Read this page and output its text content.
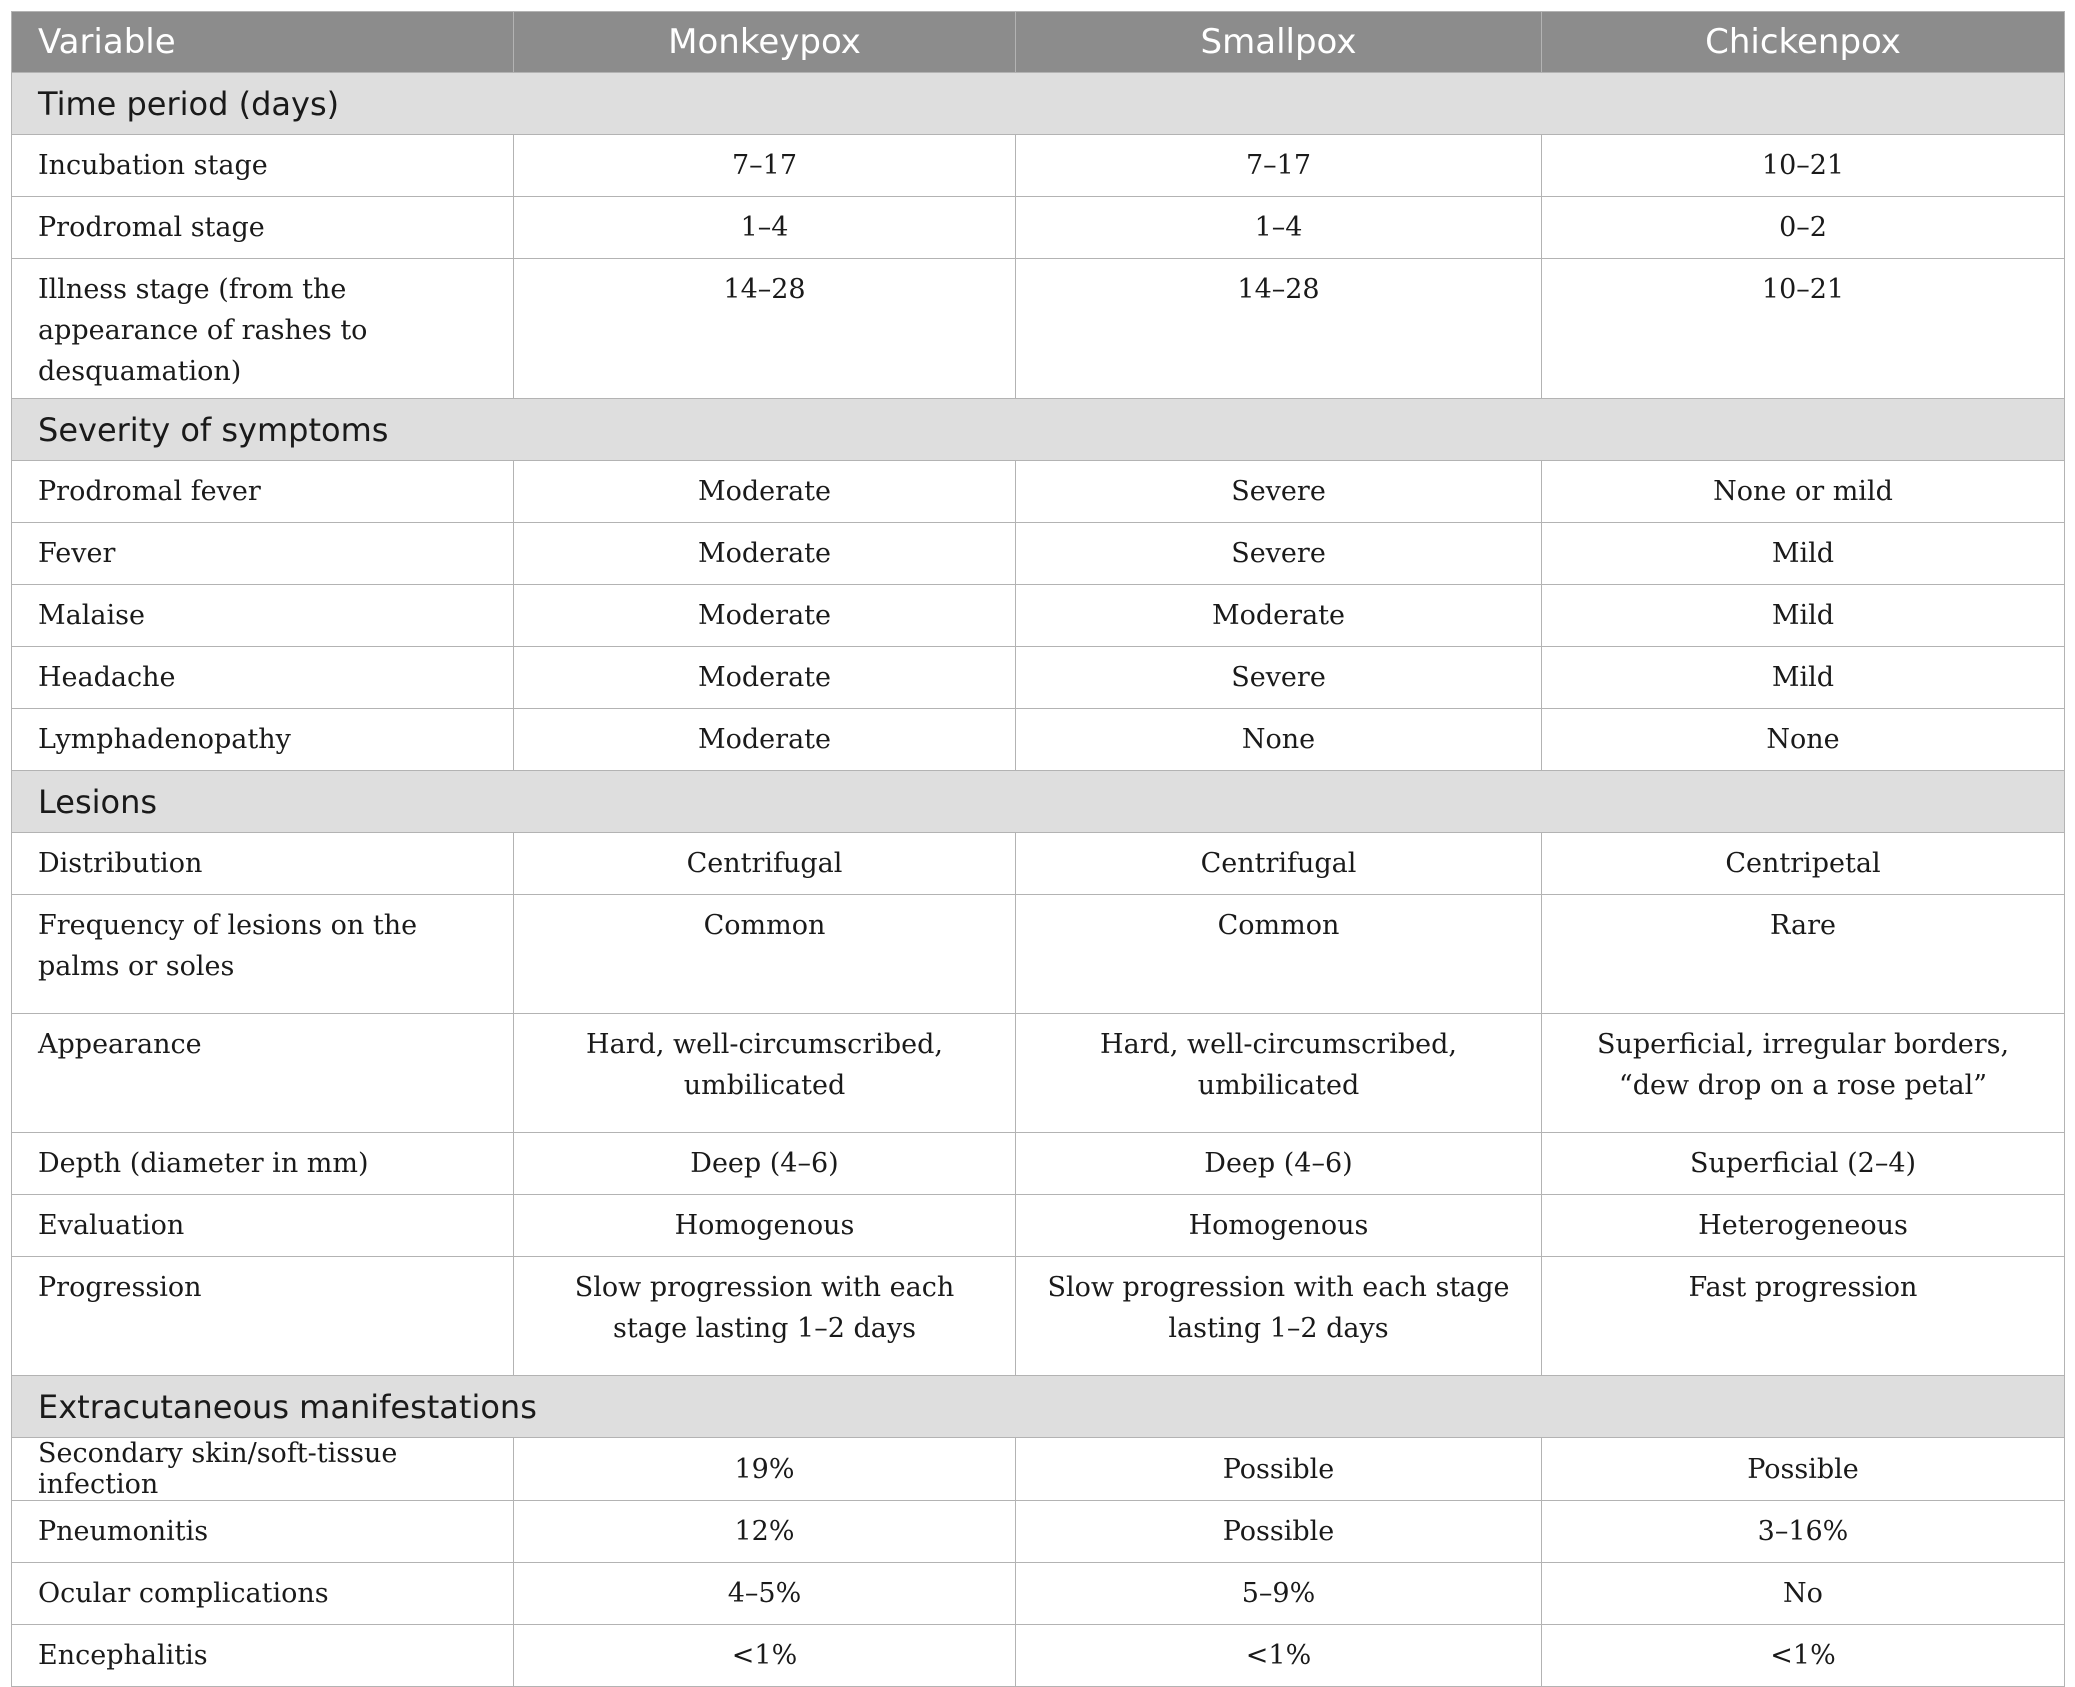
Variable	Monkeypox	Smallpox	Chickenpox
Time period (days)			
Incubation stage	7–17	7–17	10–21
Prodromal stage	1–4	1–4	0–2
Illness stage (from the appearance of rashes to desquamation)	14–28	14–28	10–21
Severity of symptoms			
Prodromal fever	Moderate	Severe	None or mild
Fever	Moderate	Severe	Mild
Malaise	Moderate	Moderate	Mild
Headache	Moderate	Severe	Mild
Lymphadenopathy	Moderate	None	None
Lesions			
Distribution	Centrifugal	Centrifugal	Centripetal
Frequency of lesions on the palms or soles	Common	Common	Rare
Appearance	Hard, well-circumscribed, umbilicated	Hard, well-circumscribed, umbilicated	Superficial, irregular borders, “dew drop on a rose petal”
Depth (diameter in mm)	Deep (4–6)	Deep (4–6)	Superficial (2–4)
Evaluation	Homogenous	Homogenous	Heterogeneous
Progression	Slow progression with each stage lasting 1–2 days	Slow progression with each stage lasting 1–2 days	Fast progression
Extracutaneous manifestations			
Secondary skin/soft-tissue infection	19%	Possible	Possible
Pneumonitis	12%	Possible	3–16%
Ocular complications	4–5%	5–9%	No
Encephalitis	<1%	<1%	<1%
